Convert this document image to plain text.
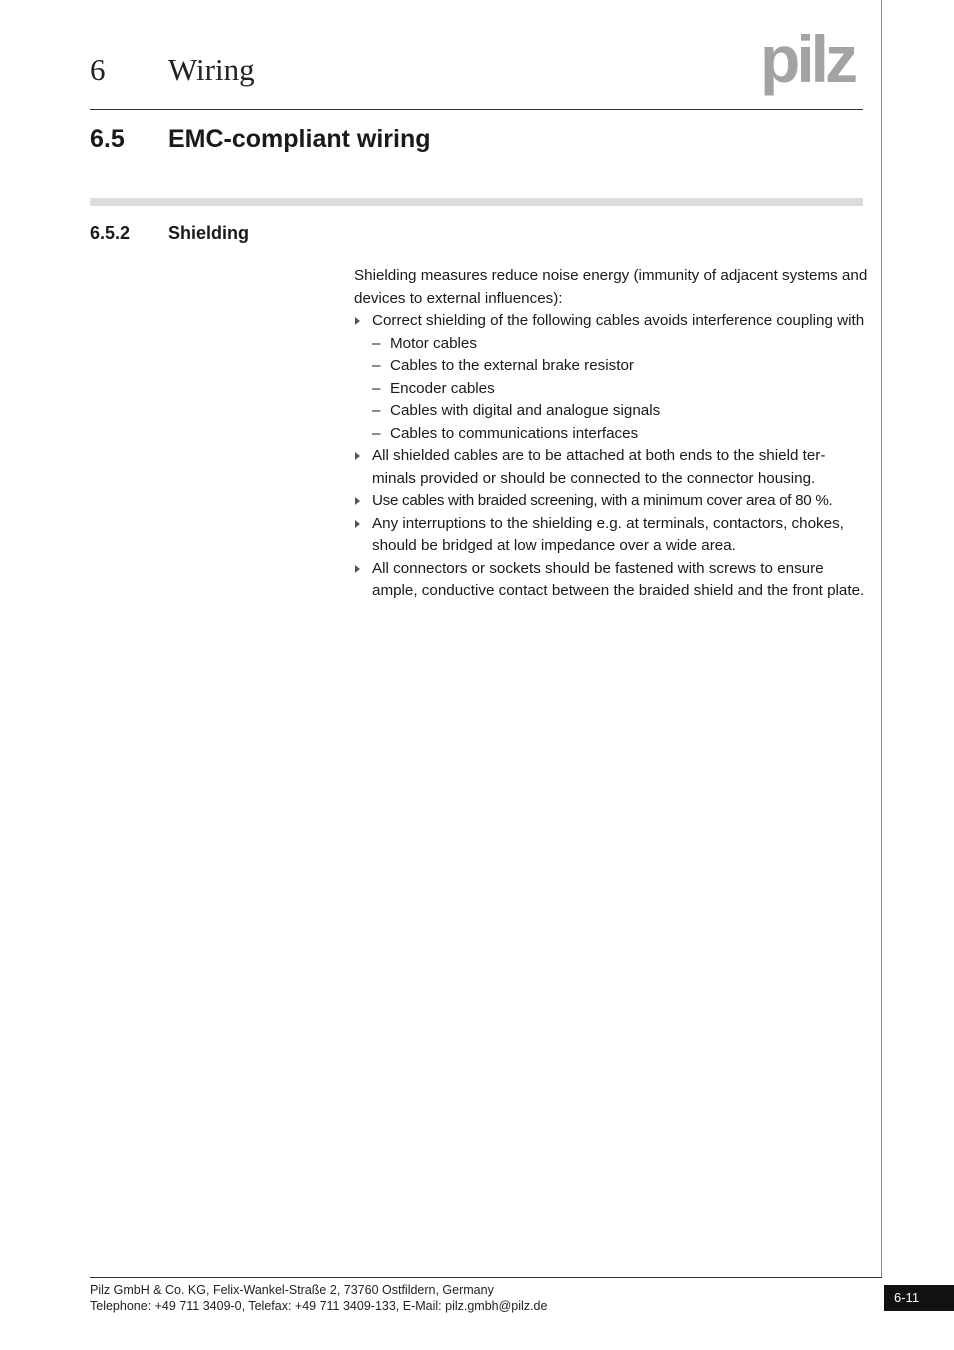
6 Wiring	pilz
6.5 EMC-compliant wiring
6.5.2 Shielding

Shielding measures reduce noise energy (immunity of adjacent systems and devices to external influences):

Correct shielding of the following cables avoids interference coupling with
– Motor cables
– Cables to the external brake resistor
– Encoder cables
– Cables with digital and analogue signals
– Cables to communications interfaces
All shielded cables are to be attached at both ends to the shield ter-minals provided or should be connected to the connector housing.
Use cables with braided screening, with a minimum cover area of 80 %.
Any interruptions to the shielding e.g. at terminals, contactors, chokes, should be bridged at low impedance over a wide area.
All connectors or sockets should be fastened with screws to ensure ample, conductive contact between the braided shield and the front plate.
Pilz GmbH & Co. KG, Felix-Wankel-Straße 2, 73760 Ostfildern, Germany
Telephone: +49 711 3409-0, Telefax: +49 711 3409-133, E-Mail: pilz.gmbh@pilz.de
6-11
